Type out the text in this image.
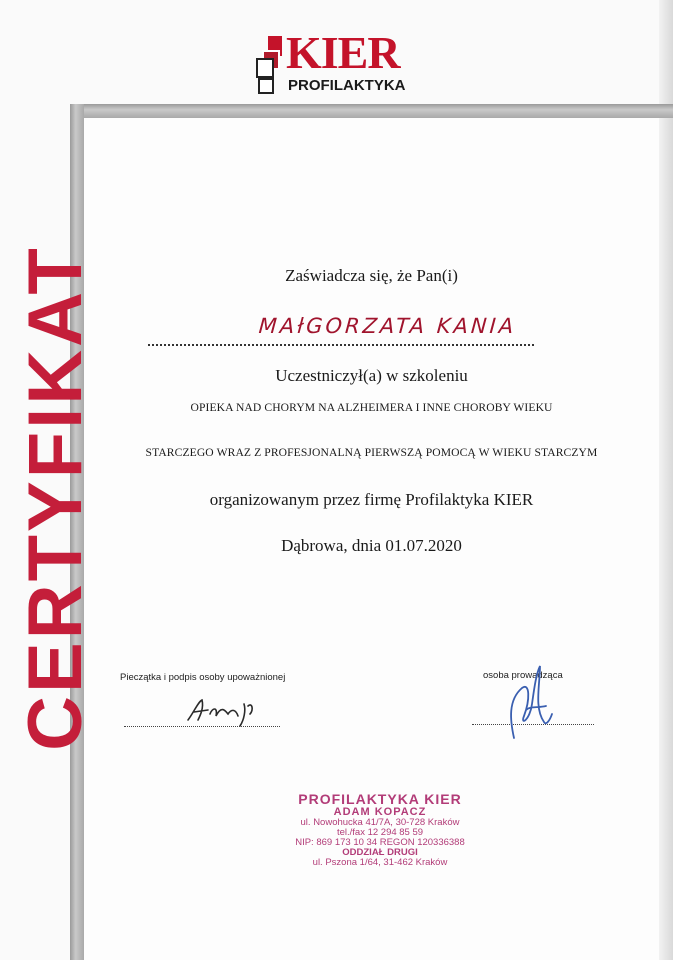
KIER
PROFILAKTYKA
CERTYFIKAT	Zaświadcza się, że Pan(i)
MAłGORZATA KANIA
Uczestniczył(a) w szkoleniu
OPIEKA NAD CHORYM NA ALZHEIMERA I INNE CHOROBY WIEKU
STARCZEGO WRAZ Z PROFESJONALNĄ PIERWSZĄ POMOCĄ W WIEKU STARCZYM
organizowanym przez firmę Profilaktyka KIER
Dąbrowa, dnia 01.07.2020
Pieczątka i podpis osoby upoważnionej	osoba prowadząca
PROFILAKTYKA KIER
ADAM KOPACZ
ul. Nowohucka 41/7A, 30-728 Kraków
tel./fax 12 294 85 59
NIP: 869 173 10 34 REGON 120336388
ODDZIAŁ DRUGI
ul. Pszona 1/64, 31-462 Kraków
